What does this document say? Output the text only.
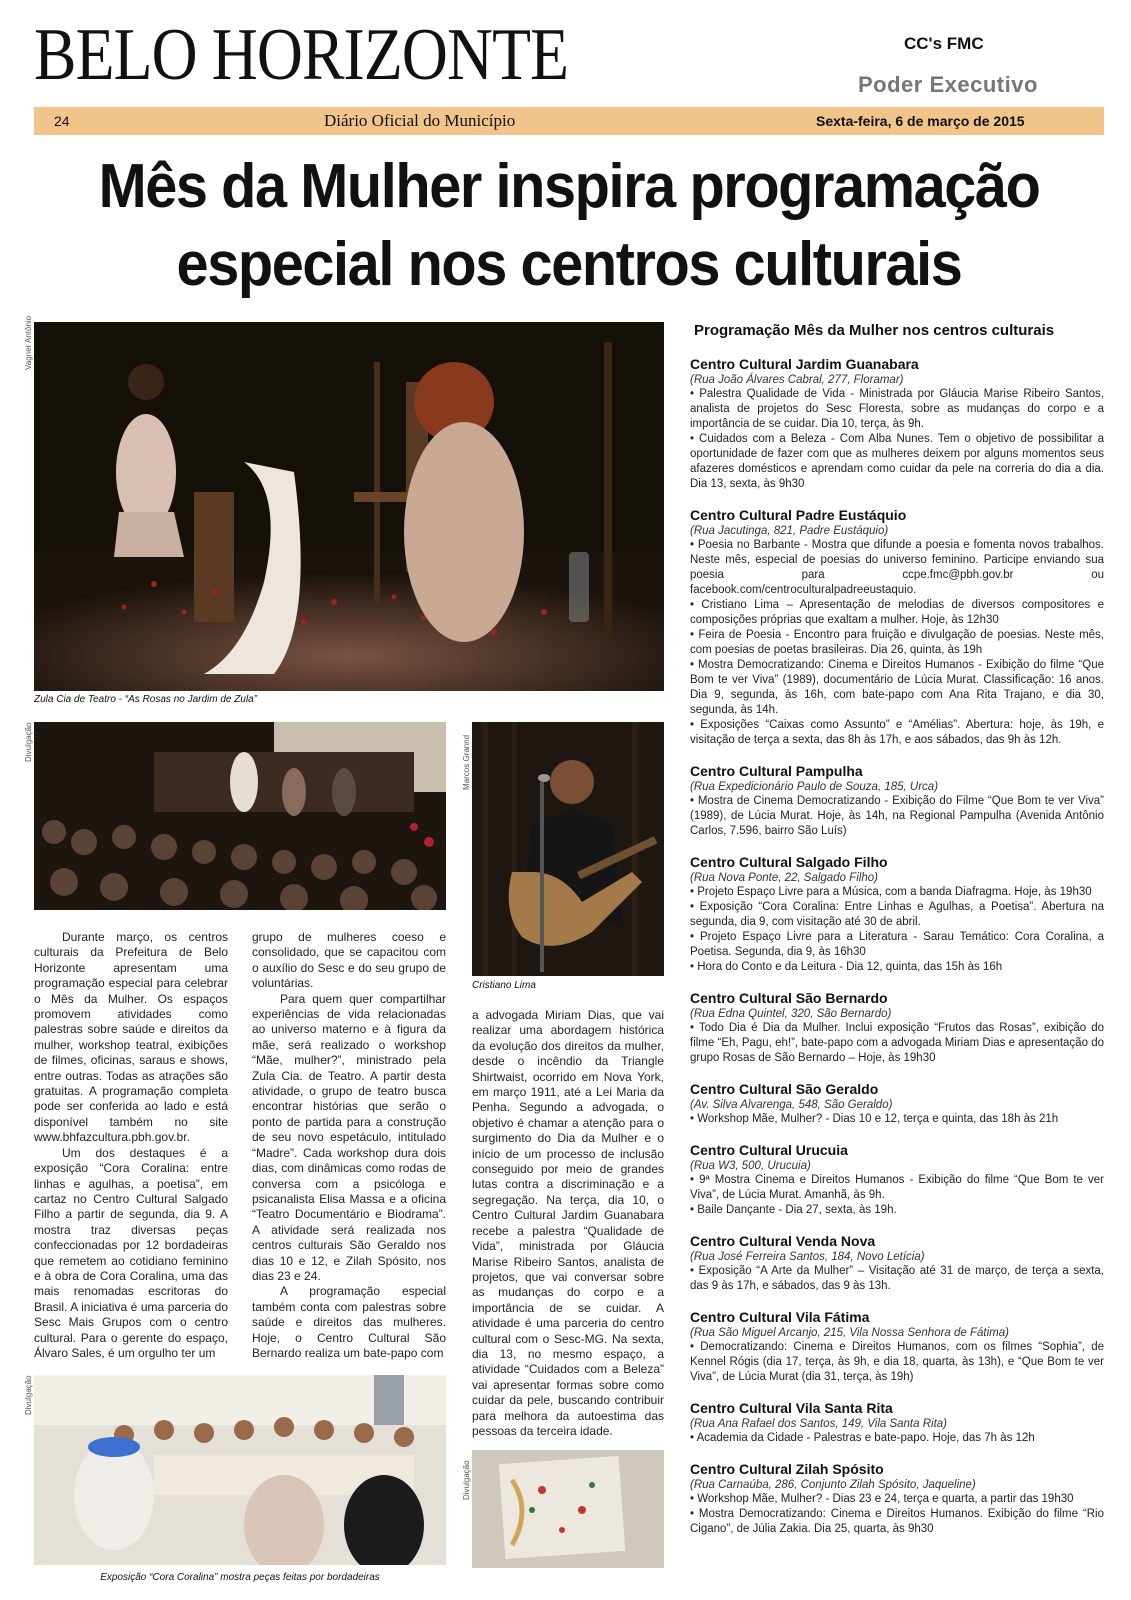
BELO HORIZONTE	CC's FMC
Poder Executivo
24	Diário Oficial do Município	Sexta-feira, 6 de março de 2015
Mês da Mulher inspira programação
especial nos centros culturais
Vagner Antônio
Zula Cia de Teatro - “As Rosas no Jardim de Zula”
Divulgação	Marcos Grannd
Cristiano Lima

Durante março, os centros culturais da Prefeitura de Belo Horizonte apresentam uma programação especial para celebrar o Mês da Mulher. Os espaços promovem atividades como palestras sobre saúde e direitos da mulher, workshop teatral, exibições de filmes, oficinas, saraus e shows, entre outras. Todas as atrações são gratuitas. A programação completa pode ser conferida ao lado e está disponível também no site www.bhfazcultura.pbh.gov.br.

Um dos destaques é a exposição “Cora Coralina: entre linhas e agulhas, a poetisa”, em cartaz no Centro Cultural Salgado Filho a partir de segunda, dia 9. A mostra traz diversas peças confeccionadas por 12 bordadeiras que remetem ao cotidiano feminino e à obra de Cora Coralina, uma das mais renomadas escritoras do Brasil. A iniciativa é uma parceria do Sesc Mais Grupos com o centro cultural. Para o gerente do espaço, Álvaro Sales, é um orgulho ter um

grupo de mulheres coeso e consolidado, que se capacitou com o auxílio do Sesc e do seu grupo de voluntárias.

Para quem quer compartilhar experiências de vida relacionadas ao universo materno e à figura da mãe, será realizado o workshop “Mãe, mulher?”, ministrado pela Zula Cia. de Teatro. A partir desta atividade, o grupo de teatro busca encontrar histórias que serão o ponto de partida para a construção de seu novo espetáculo, intitulado “Madre”. Cada workshop dura dois dias, com dinâmicas como rodas de conversa com a psicóloga e psicanalista Elisa Massa e a oficina “Teatro Documentário e Biodrama”. A atividade será realizada nos centros culturais São Geraldo nos dias 10 e 12, e Zilah Spósito, nos dias 23 e 24.

A programação especial também conta com palestras sobre saúde e direitos das mulheres. Hoje, o Centro Cultural São Bernardo realiza um bate-papo com

a advogada Miriam Dias, que vai realizar uma abordagem histórica da evolução dos direitos da mulher, desde o incêndio da Triangle Shirtwaist, ocorrido em Nova York, em março 1911, até a Lei Maria da Penha. Segundo a advogada, o objetivo é chamar a atenção para o surgimento do Dia da Mulher e o início de um processo de inclusão conseguido por meio de grandes lutas contra a discriminação e a segregação. Na terça, dia 10, o Centro Cultural Jardim Guanabara recebe a palestra “Qualidade de Vida”, ministrada por Gláucia Marise Ribeiro Santos, analista de projetos, que vai conversar sobre as mudanças do corpo e a importância de se cuidar. A atividade é uma parceria do centro cultural com o Sesc-MG. Na sexta, dia 13, no mesmo espaço, a atividade “Cuidados com a Beleza” vai apresentar formas sobre como cuidar da pele, buscando contribuir para melhora da autoestima das pessoas da terceira idade.

Divulgação
Exposição “Cora Coralina” mostra peças feitas por bordadeiras
Divulgação
Programação Mês da Mulher nos centros culturais
Centro Cultural Jardim Guanabara
(Rua João Álvares Cabral, 277, Floramar)
• Palestra Qualidade de Vida - Ministrada por Gláucia Marise Ribeiro Santos, analista de projetos do Sesc Floresta, sobre as mudanças do corpo e a importância de se cuidar. Dia 10, terça, às 9h.
• Cuidados com a Beleza - Com Alba Nunes. Tem o objetivo de possibilitar a oportunidade de fazer com que as mulheres deixem por alguns momentos seus afazeres domésticos e aprendam como cuidar da pele na correria do dia a dia. Dia 13, sexta, às 9h30
Centro Cultural Padre Eustáquio
(Rua Jacutinga, 821, Padre Eustáquio)
• Poesia no Barbante - Mostra que difunde a poesia e fomenta novos trabalhos. Neste mês, especial de poesias do universo feminino. Participe enviando sua poesia para ccpe.fmc@pbh.gov.br ou facebook.com/centroculturalpadreeustaquio.
• Cristiano Lima – Apresentação de melodias de diversos compositores e composições próprias que exaltam a mulher. Hoje, às 12h30
• Feira de Poesia - Encontro para fruição e divulgação de poesias. Neste mês, com poesias de poetas brasileiras. Dia 26, quinta, às 19h
• Mostra Democratizando: Cinema e Direitos Humanos - Exibição do filme “Que Bom te ver Viva” (1989), documentário de Lúcia Murat. Classificação: 16 anos. Dia 9, segunda, às 16h, com bate-papo com Ana Rita Trajano, e dia 30, segunda, às 14h.
• Exposições “Caixas como Assunto” e “Amélias”. Abertura: hoje, às 19h, e visitação de terça a sexta, das 8h às 17h, e aos sábados, das 9h às 12h.
Centro Cultural Pampulha
(Rua Expedicionário Paulo de Souza, 185, Urca)
• Mostra de Cinema Democratizando - Exibição do Filme “Que Bom te ver Viva” (1989), de Lúcia Murat. Hoje, às 14h, na Regional Pampulha (Avenida Antônio Carlos, 7.596, bairro São Luís)
Centro Cultural Salgado Filho
(Rua Nova Ponte, 22, Salgado Filho)
• Projeto Espaço Livre para a Música, com a banda Diafragma. Hoje, às 19h30
• Exposição “Cora Coralina: Entre Linhas e Agulhas, a Poetisa”. Abertura na segunda, dia 9, com visitação até 30 de abril.
• Projeto Espaço Livre para a Literatura - Sarau Temático: Cora Coralina, a Poetisa. Segunda, dia 9, às 16h30
• Hora do Conto e da Leitura - Dia 12, quinta, das 15h às 16h
Centro Cultural São Bernardo
(Rua Edna Quintel, 320, São Bernardo)
• Todo Dia é Dia da Mulher. Inclui exposição “Frutos das Rosas”, exibição do filme “Eh, Pagu, eh!”, bate-papo com a advogada Miriam Dias e apresentação do grupo Rosas de São Bernardo – Hoje, às 19h30
Centro Cultural São Geraldo
(Av. Silva Alvarenga, 548, São Geraldo)
• Workshop Mãe, Mulher? - Dias 10 e 12, terça e quinta, das 18h às 21h
Centro Cultural Urucuia
(Rua W3, 500, Urucuia)
• 9ª Mostra Cinema e Direitos Humanos - Exibição do filme “Que Bom te ver Viva”, de Lúcia Murat. Amanhã, às 9h.
• Baile Dançante - Dia 27, sexta, às 19h.
Centro Cultural Venda Nova
(Rua José Ferreira Santos, 184, Novo Letícia)
• Exposição “A Arte da Mulher” – Visitação até 31 de março, de terça a sexta, das 9 às 17h, e sábados, das 9 às 13h.
Centro Cultural Vila Fátima
(Rua São Miguel Arcanjo, 215, Vila Nossa Senhora de Fátima)
• Democratizando: Cinema e Direitos Humanos, com os filmes “Sophia”, de Kennel Rógis (dia 17, terça, às 9h, e dia 18, quarta, às 13h), e “Que Bom te ver Viva”, de Lúcia Murat (dia 31, terça, às 19h)
Centro Cultural Vila Santa Rita
(Rua Ana Rafael dos Santos, 149, Vila Santa Rita)
• Academia da Cidade - Palestras e bate-papo. Hoje, das 7h às 12h
Centro Cultural Zilah Spósito
(Rua Carnaúba, 286, Conjunto Zilah Spósito, Jaqueline)
• Workshop Mãe, Mulher? - Dias 23 e 24, terça e quarta, a partir das 19h30
• Mostra Democratizando: Cinema e Direitos Humanos. Exibição do filme “Rio Cigano”, de Júlia Zakia. Dia 25, quarta, às 9h30
